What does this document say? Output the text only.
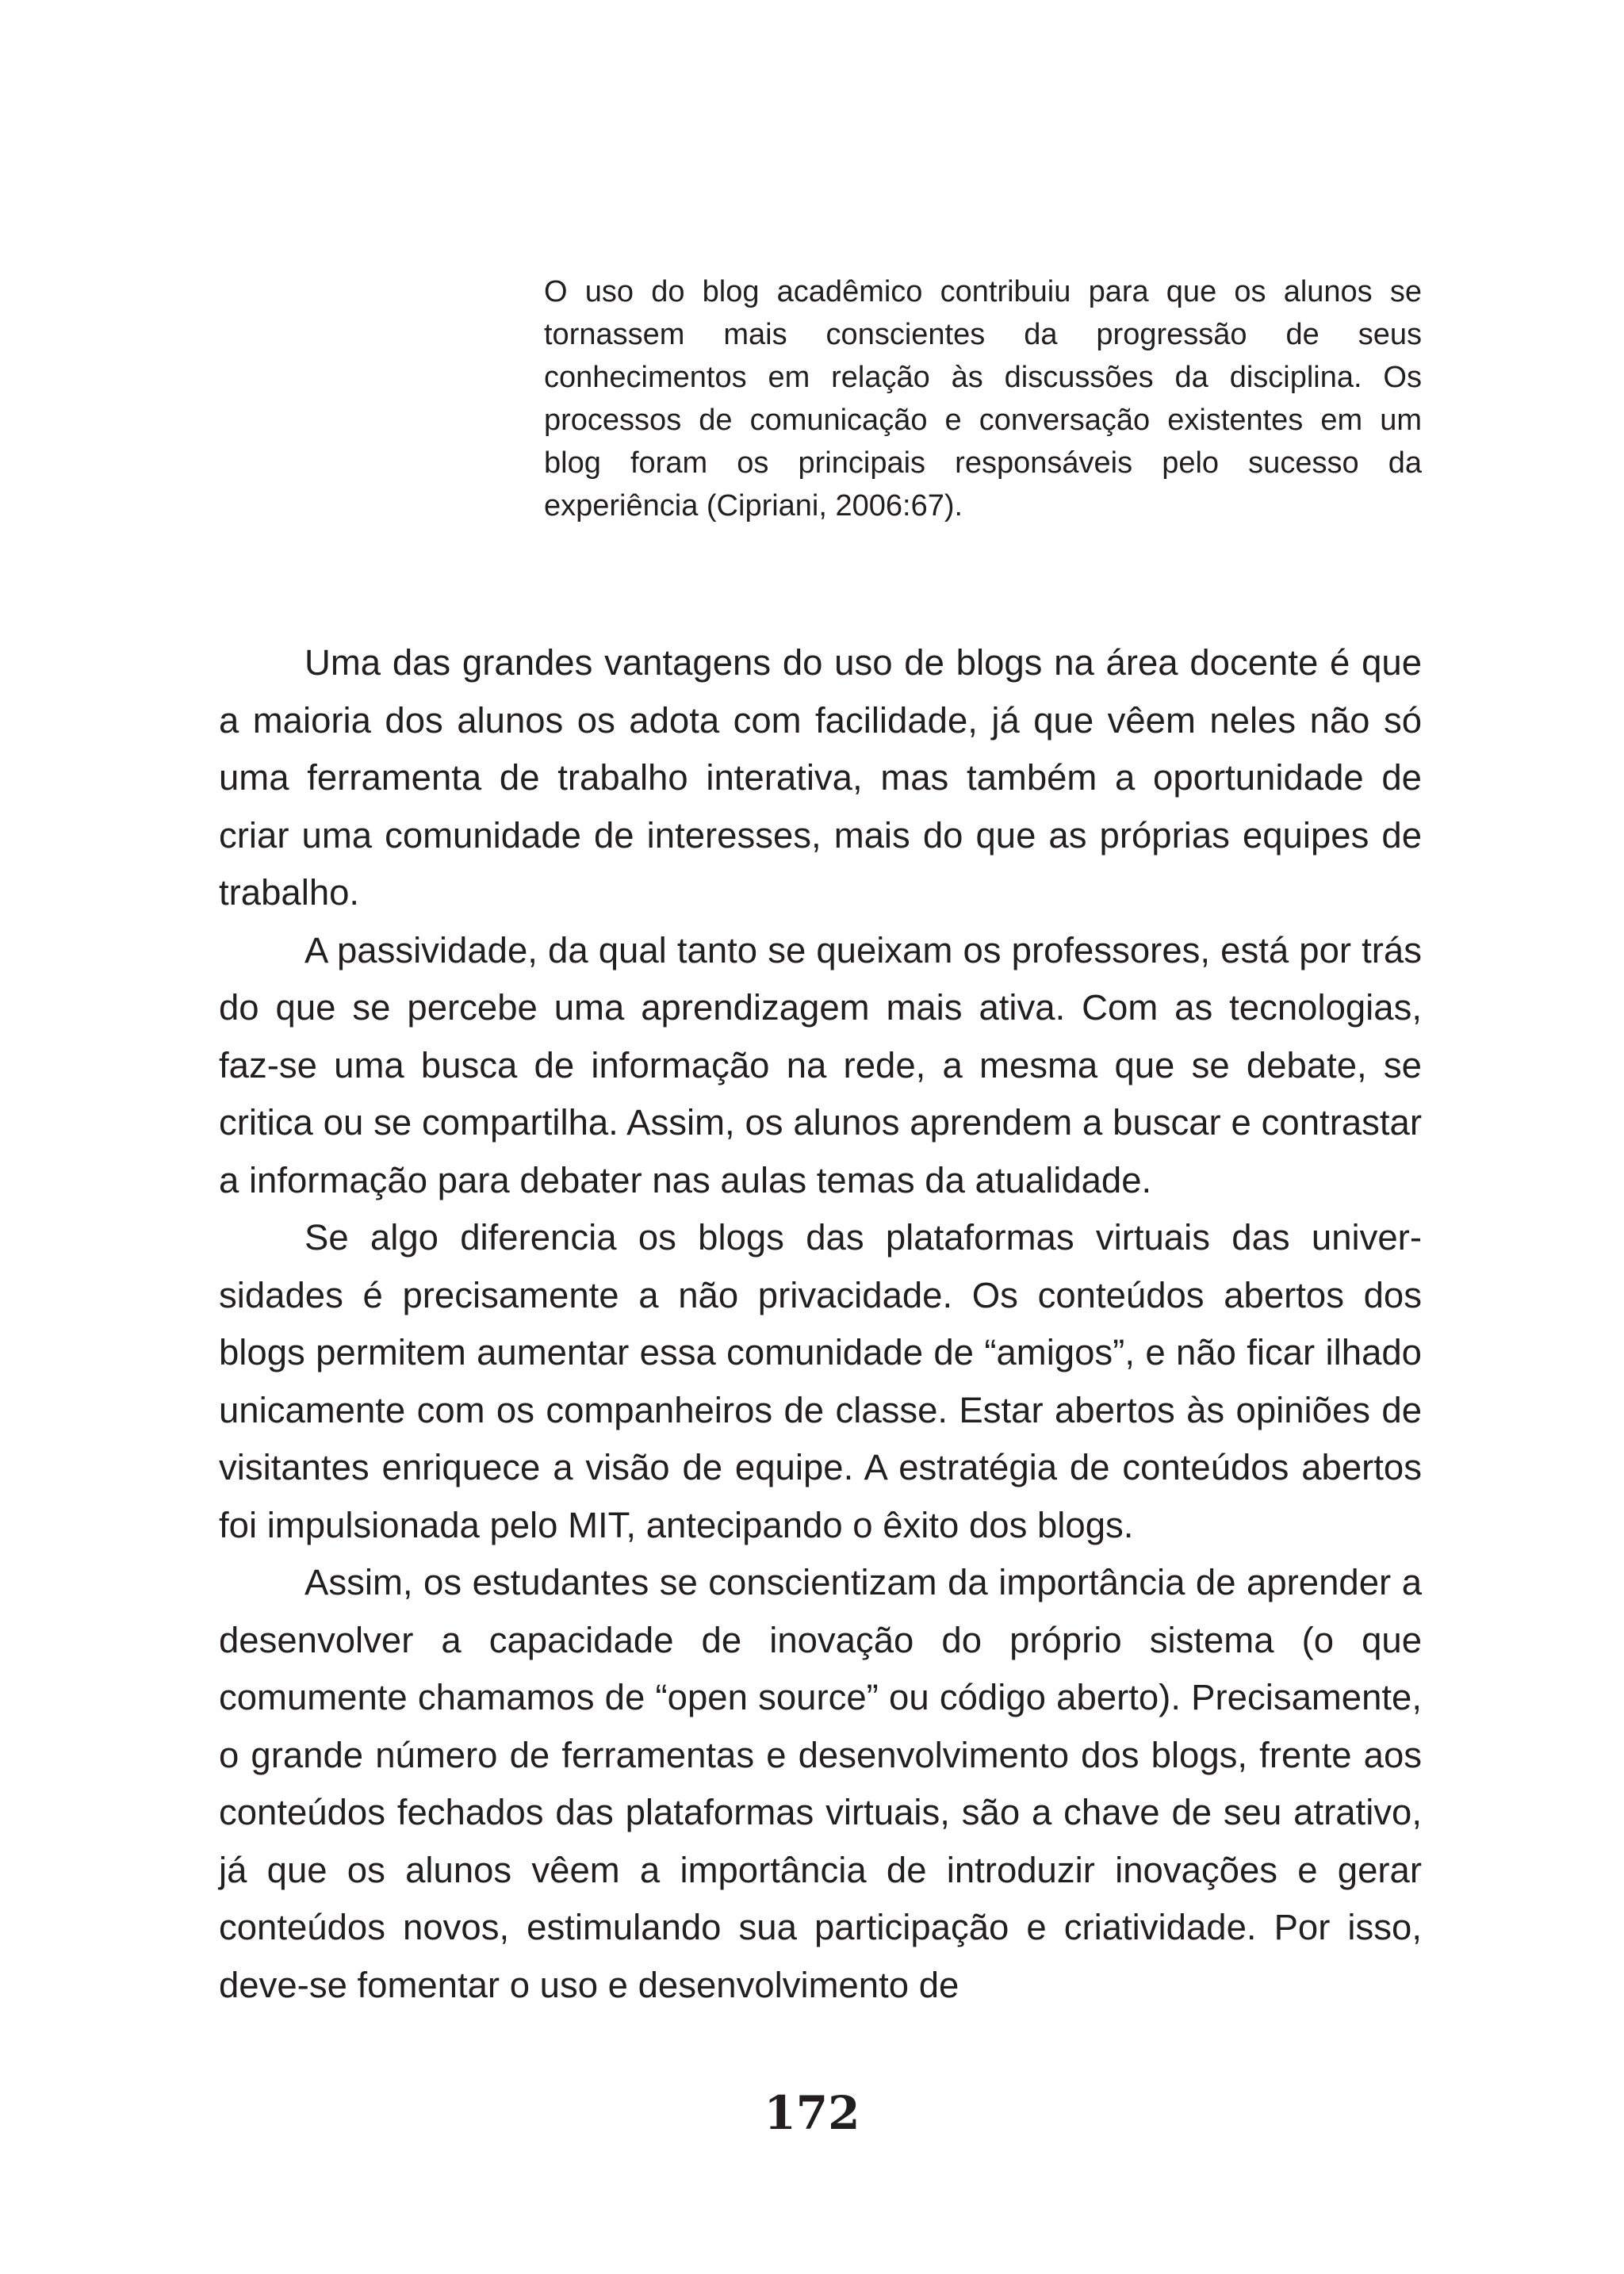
O uso do blog acadêmico contribuiu para que os alunos se tornassem mais conscientes da progressão de seus conhecimentos em relação às discussões da disciplina. Os processos de comunicação e conversação existentes em um blog foram os principais responsáveis pelo sucesso da experiência (Cipriani, 2006:67).

Uma das grandes vantagens do uso de blogs na área docente é que a maioria dos alunos os adota com facilidade, já que vêem neles não só uma ferramenta de trabalho interativa, mas também a oportunidade de criar uma comunidade de interesses, mais do que as próprias equipes de trabalho.

A passividade, da qual tanto se queixam os professores, está por trás do que se percebe uma aprendizagem mais ativa. Com as tecnologias, faz-se uma busca de informação na rede, a mesma que se debate, se critica ou se compartilha. Assim, os alunos aprendem a buscar e contrastar a informação para debater nas aulas temas da atualidade.

Se algo diferencia os blogs das plataformas virtuais das universidades é precisamente a não privacidade. Os conteúdos abertos dos blogs permitem aumentar essa comunidade de “amigos”, e não ficar ilhado unicamente com os companheiros de classe. Estar abertos às opiniões de visitantes enriquece a visão de equipe. A estratégia de conteúdos abertos foi impulsionada pelo MIT, antecipando o êxito dos blogs.

Assim, os estudantes se conscientizam da importância de aprender a desenvolver a capacidade de inovação do próprio sistema (o que comumente chamamos de “open source” ou código aberto). Precisamente, o grande número de ferramentas e desenvolvimento dos blogs, frente aos conteúdos fechados das plataformas virtuais, são a chave de seu atrativo, já que os alunos vêem a importância de introduzir inovações e gerar conteúdos novos, estimulando sua participação e criatividade. Por isso, deve-se fomentar o uso e desenvolvimento de

172
